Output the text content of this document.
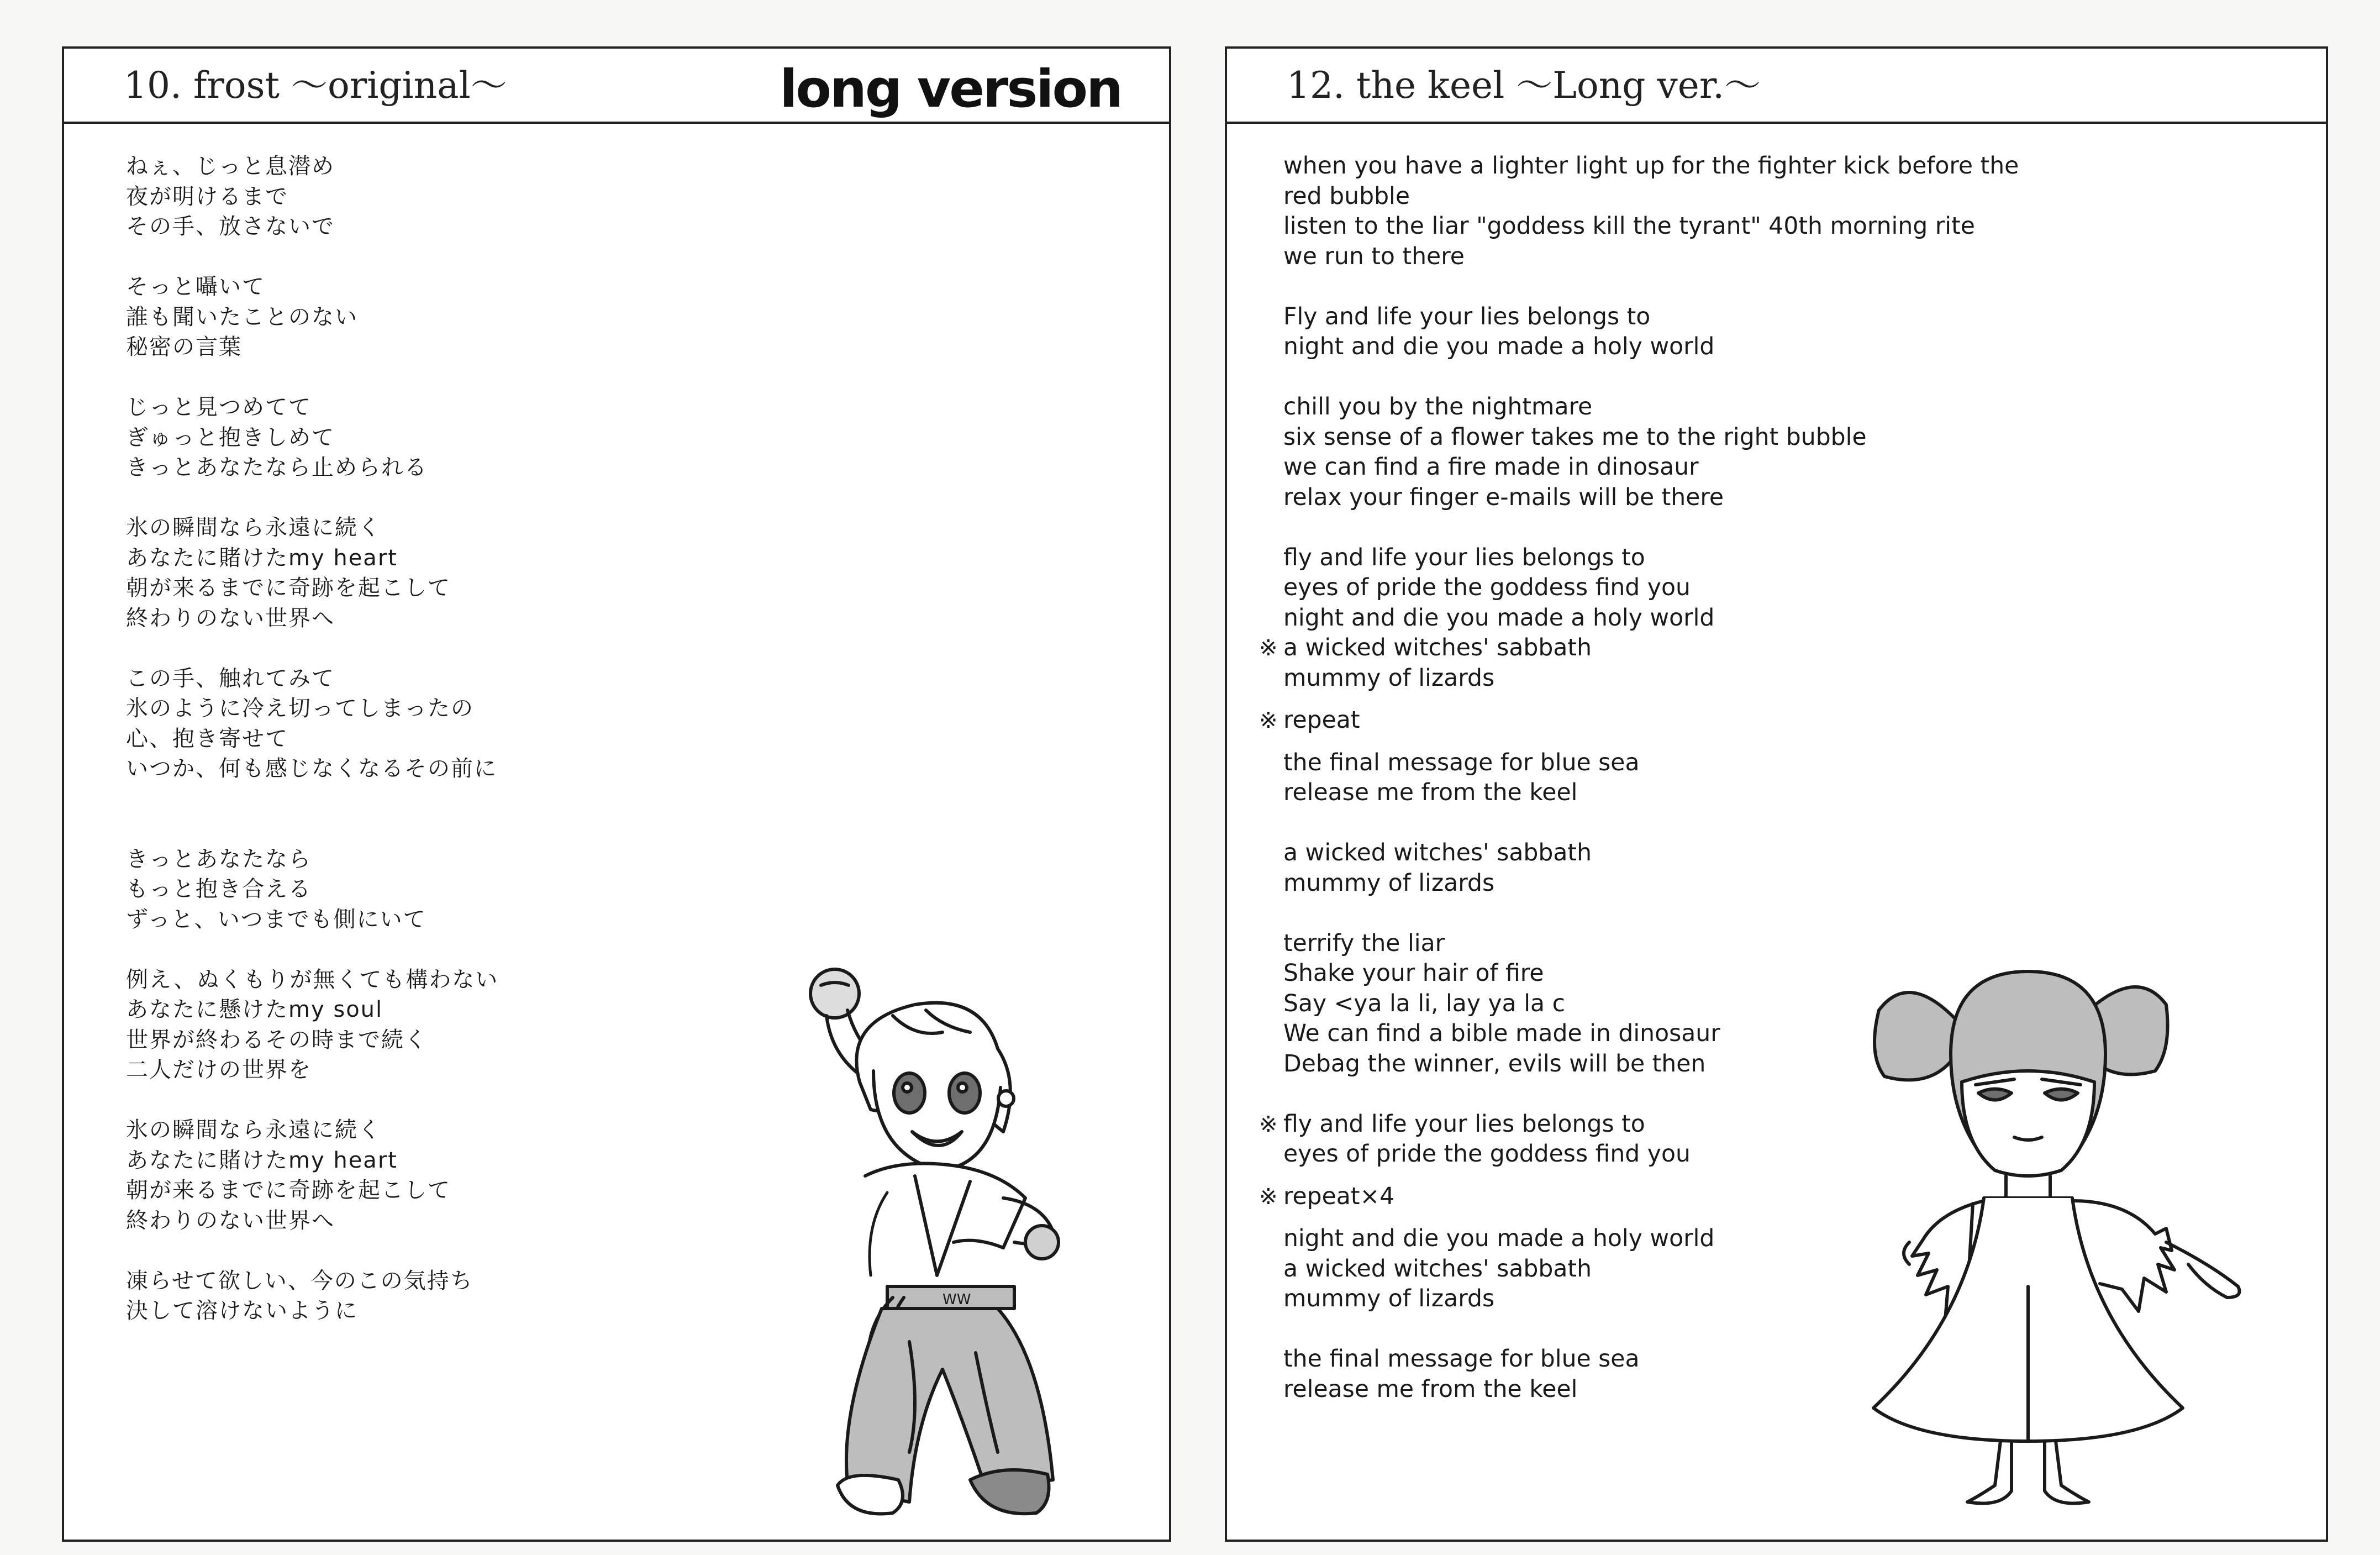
10. frost ～original～	long version
ねぇ、じっと息潜め
夜が明けるまで
その手、放さないで
そっと囁いて
誰も聞いたことのない
秘密の言葉
じっと見つめてて
ぎゅっと抱きしめて
きっとあなたなら止められる
氷の瞬間なら永遠に続く
あなたに賭けたmy heart
朝が来るまでに奇跡を起こして
終わりのない世界へ
この手、触れてみて
氷のように冷え切ってしまったの
心、抱き寄せて
いつか、何も感じなくなるその前に
きっとあなたなら
もっと抱き合える
ずっと、いつまでも側にいて
例え、ぬくもりが無くても構わない
あなたに懸けたmy soul
世界が終わるその時まで続く
二人だけの世界を
氷の瞬間なら永遠に続く
あなたに賭けたmy heart
朝が来るまでに奇跡を起こして
終わりのない世界へ
凍らせて欲しい、今のこの気持ち
決して溶けないように	WW
12. the keel ～Long ver.～
when you have a lighter light up for the fighter kick before the
red bubble
listen to the liar "goddess kill the tyrant" 40th morning rite
we run to there
Fly and life your lies belongs to
night and die you made a holy world
chill you by the nightmare
six sense of a flower takes me to the right bubble
we can find a fire made in dinosaur
relax your finger e-mails will be there
fly and life your lies belongs to
eyes of pride the goddess find you
night and die you made a holy world
a wicked witches' sabbath
※
mummy of lizards
※ repeat
the final message for blue sea
release me from the keel
a wicked witches' sabbath
mummy of lizards
terrify the liar
Shake your hair of fire
Say <ya la li, lay ya la c
We can find a bible made in dinosaur
Debag the winner, evils will be then
fly and life your lies belongs to
※
eyes of pride the goddess find you
※ repeat×4
night and die you made a holy world
a wicked witches' sabbath
mummy of lizards
the final message for blue sea
release me from the keel
